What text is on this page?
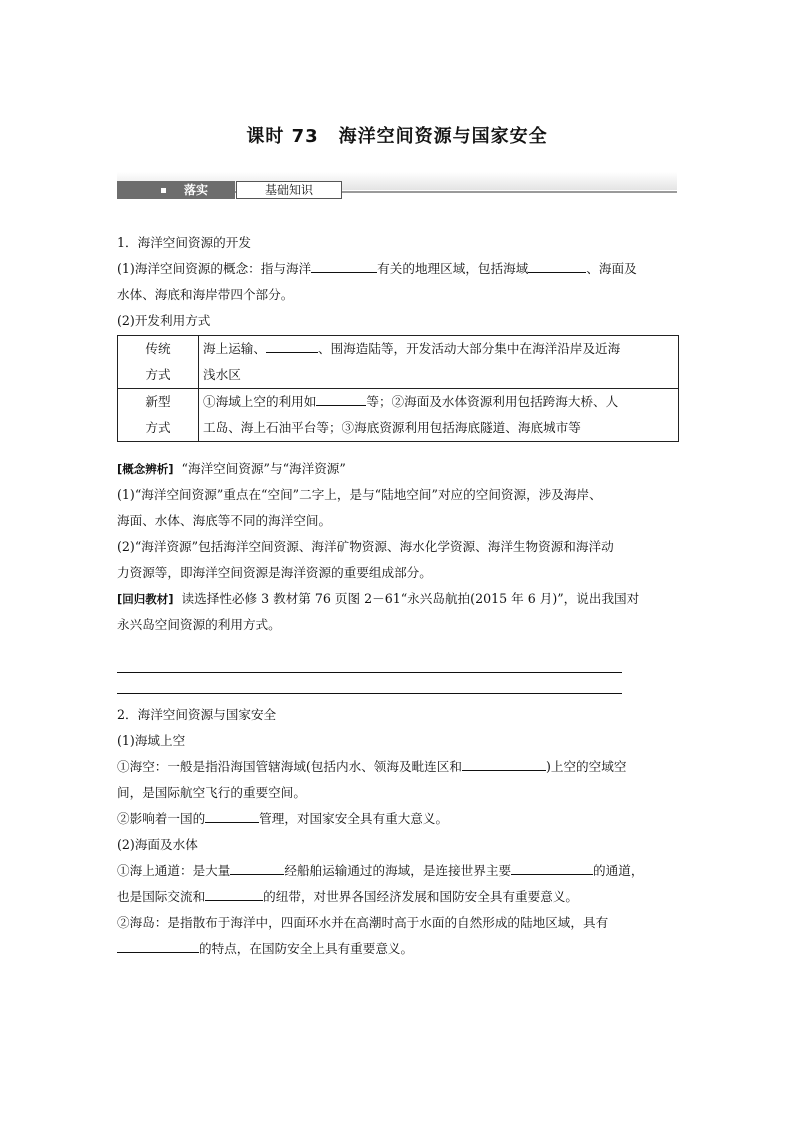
课时 73 海洋空间资源与国家安全
落实	基础知识

1．海洋空间资源的开发

(1)海洋空间资源的概念：指与海洋	有关的地理区域，包括海域	、海面及

水体、海底和海岸带四个部分。

(2)开发利用方式

传统
方式	海上运输、 、围海造陆等，开发活动大部分集中在海洋沿岸及近海
浅水区
新型
方式	①海域上空的利用如 等；②海面及水体资源利用包括跨海大桥、人
工岛、海上石油平台等；③海底资源利用包括海底隧道、海底城市等

[概念辨析] “海洋空间资源”与“海洋资源”

(1)“海洋空间资源”重点在“空间”二字上，是与“陆地空间”对应的空间资源，涉及海岸、

海面、水体、海底等不同的海洋空间。

(2)“海洋资源”包括海洋空间资源、海洋矿物资源、海水化学资源、海洋生物资源和海洋动

力资源等，即海洋空间资源是海洋资源的重要组成部分。

[回归教材] 读选择性必修 3 教材第 76 页图 2－61“永兴岛航拍(2015 年 6 月)”，说出我国对

永兴岛空间资源的利用方式。

2．海洋空间资源与国家安全

(1)海域上空

①海空：一般是指沿海国管辖海域(包括内水、领海及毗连区和	)上空的空域空

间，是国际航空飞行的重要空间。

②影响着一国的	管理，对国家安全具有重大意义。

(2)海面及水体

①海上通道：是大量	经船舶运输通过的海域，是连接世界主要	的通道，

也是国际交流和	的纽带，对世界各国经济发展和国防安全具有重要意义。

②海岛：是指散布于海洋中，四面环水并在高潮时高于水面的自然形成的陆地区域，具有

的特点，在国防安全上具有重要意义。
